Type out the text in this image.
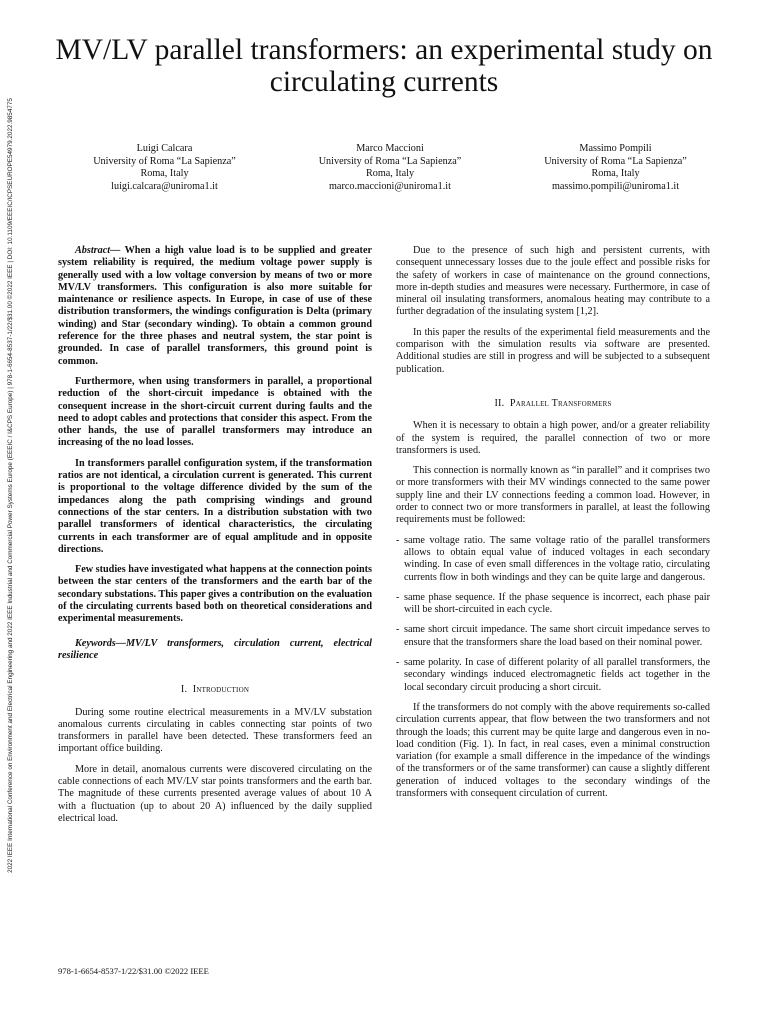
2022 IEEE International Conference on Environment and Electrical Engineering and 2022 IEEE Industrial and Commercial Power Systems Europe (EEEIC / I&CPS Europe) | 978-1-6654-8537-1/22/$31.00 ©2022 IEEE | DOI: 10.1109/EEEIC/ICPSEUROPE54979.2022.9854775
MV/LV parallel transformers: an experimental study on circulating currents
Luigi Calcara
University of Roma “La Sapienza”
Roma, Italy
luigi.calcara@uniroma1.it
Marco Maccioni
University of Roma “La Sapienza”
Roma, Italy
marco.maccioni@uniroma1.it
Massimo Pompili
University of Roma “La Sapienza”
Roma, Italy
massimo.pompili@uniroma1.it

Abstract— When a high value load is to be supplied and greater system reliability is required, the medium voltage power supply is generally used with a low voltage conversion by means of two or more MV/LV transformers. This configuration is also more suitable for maintenance or resilience aspects. In Europe, in case of use of these distribution transformers, the windings configuration is Delta (primary winding) and Star (secondary winding). To obtain a common ground reference for the three phases and neutral system, the star point is grounded. In case of parallel transformers, this ground point is common.

Furthermore, when using transformers in parallel, a proportional reduction of the short-circuit impedance is obtained with the consequent increase in the short-circuit current during faults and the need to adopt cables and protections that consider this aspect. From the other hands, the use of parallel transformers may introduce an increasing of the no load losses.

In transformers parallel configuration system, if the transformation ratios are not identical, a circulation current is generated. This current is proportional to the voltage difference divided by the sum of the impedances along the path comprising windings and ground connections of the star centers. In a distribution substation with two parallel transformers of identical characteristics, the circulating currents in each transformer are of equal amplitude and in opposite directions.

Few studies have investigated what happens at the connection points between the star centers of the transformers and the earth bar of the secondary substations. This paper gives a contribution on the evaluation of the circulating currents based both on theoretical considerations and experimental measurements.

Keywords—MV/LV transformers, circulation current, electrical resilience

I. Introduction

During some routine electrical measurements in a MV/LV substation anomalous currents circulating in cables connecting star points of two transformers in parallel have been detected. These transformers feed an important office building.

More in detail, anomalous currents were discovered circulating on the cable connections of each MV/LV star points transformers and the earth bar. The magnitude of these currents presented average values of about 10 A with a fluctuation (up to about 20 A) influenced by the daily supplied electrical load.

Due to the presence of such high and persistent currents, with consequent unnecessary losses due to the joule effect and possible risks for the safety of workers in case of maintenance on the ground connections, more in-depth studies and measures were necessary. Furthermore, in case of mineral oil insulating transformers, anomalous heating may contribute to a further degradation of the insulating system [1,2].

In this paper the results of the experimental field measurements and the comparison with the simulation results via software are presented. Additional studies are still in progress and will be subjected to a subsequent publication.

II. Parallel Transformers

When it is necessary to obtain a high power, and/or a greater reliability of the system is required, the parallel connection of two or more transformers is used.

This connection is normally known as “in parallel” and it comprises two or more transformers with their MV windings connected to the same power supply line and their LV connections feeding a common load. However, in order to connect two or more transformers in parallel, at least the following requirements must be followed:

- same voltage ratio. The same voltage ratio of the parallel transformers allows to obtain equal value of induced voltages in each secondary winding. In case of even small differences in the voltage ratio, circulating currents flow in both windings and they can be quite large and dangerous.
- same phase sequence. If the phase sequence is incorrect, each phase pair will be short-circuited in each cycle.
- same short circuit impedance. The same short circuit impedance serves to ensure that the transformers share the load based on their nominal power.
- same polarity. In case of different polarity of all parallel transformers, the secondary windings induced electromagnetic fields act together in the local secondary circuit producing a short circuit.

If the transformers do not comply with the above requirements so-called circulation currents appear, that flow between the two transformers and not through the loads; this current may be quite large and dangerous even in no-load condition (Fig. 1). In fact, in real cases, even a minimal construction variation (for example a small difference in the impedance of the windings of the transformers or of the same transformer) can cause a slightly different generation of induced voltages to the secondary windings of the transformers with consequent circulation of current.

978-1-6654-8537-1/22/$31.00 ©2022 IEEE
